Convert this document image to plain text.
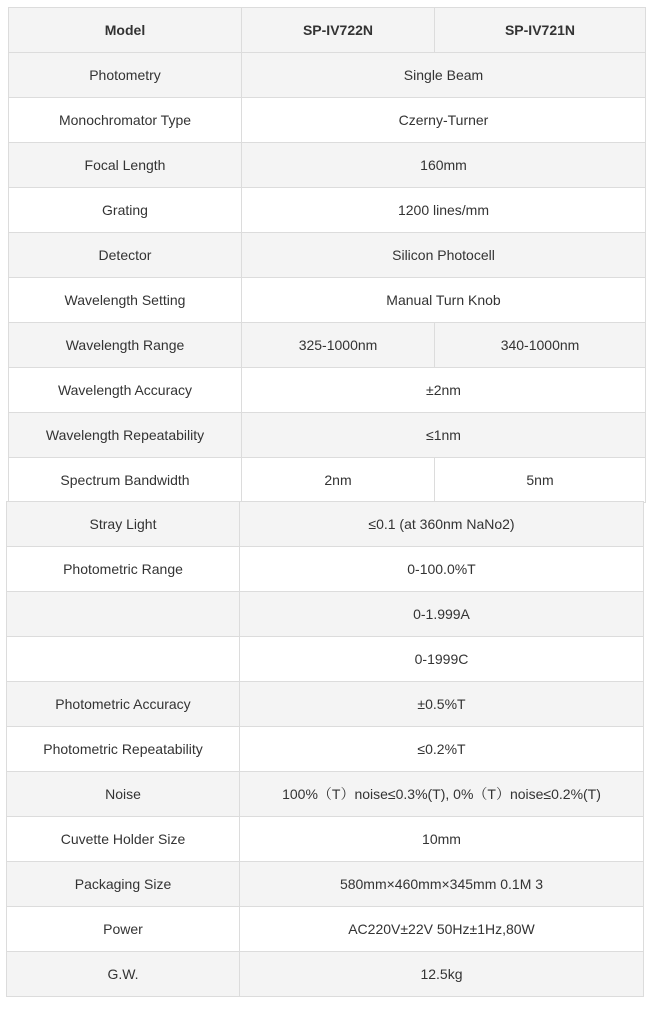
Model	SP-IV722N	SP-IV721N
Photometry	Single Beam	
Monochromator Type	Czerny-Turner	
Focal Length	160mm	
Grating	1200 lines/mm	
Detector	Silicon Photocell	
Wavelength Setting	Manual Turn Knob	
Wavelength Range	325-1000nm	340-1000nm
Wavelength Accuracy	±2nm	
Wavelength Repeatability	≤1nm	
Spectrum Bandwidth	2nm	5nm
Stray Light	≤0.1 (at 360nm NaNo2)
Photometric Range	0-100.0%T
	0-1.999A
	0-1999C
Photometric Accuracy	±0.5%T
Photometric Repeatability	≤0.2%T
Noise	100%（T）noise≤0.3%(T), 0%（T）noise≤0.2%(T)
Cuvette Holder Size	10mm
Packaging Size	580mm×460mm×345mm 0.1M 3
Power	AC220V±22V 50Hz±1Hz,80W
G.W.	12.5kg
